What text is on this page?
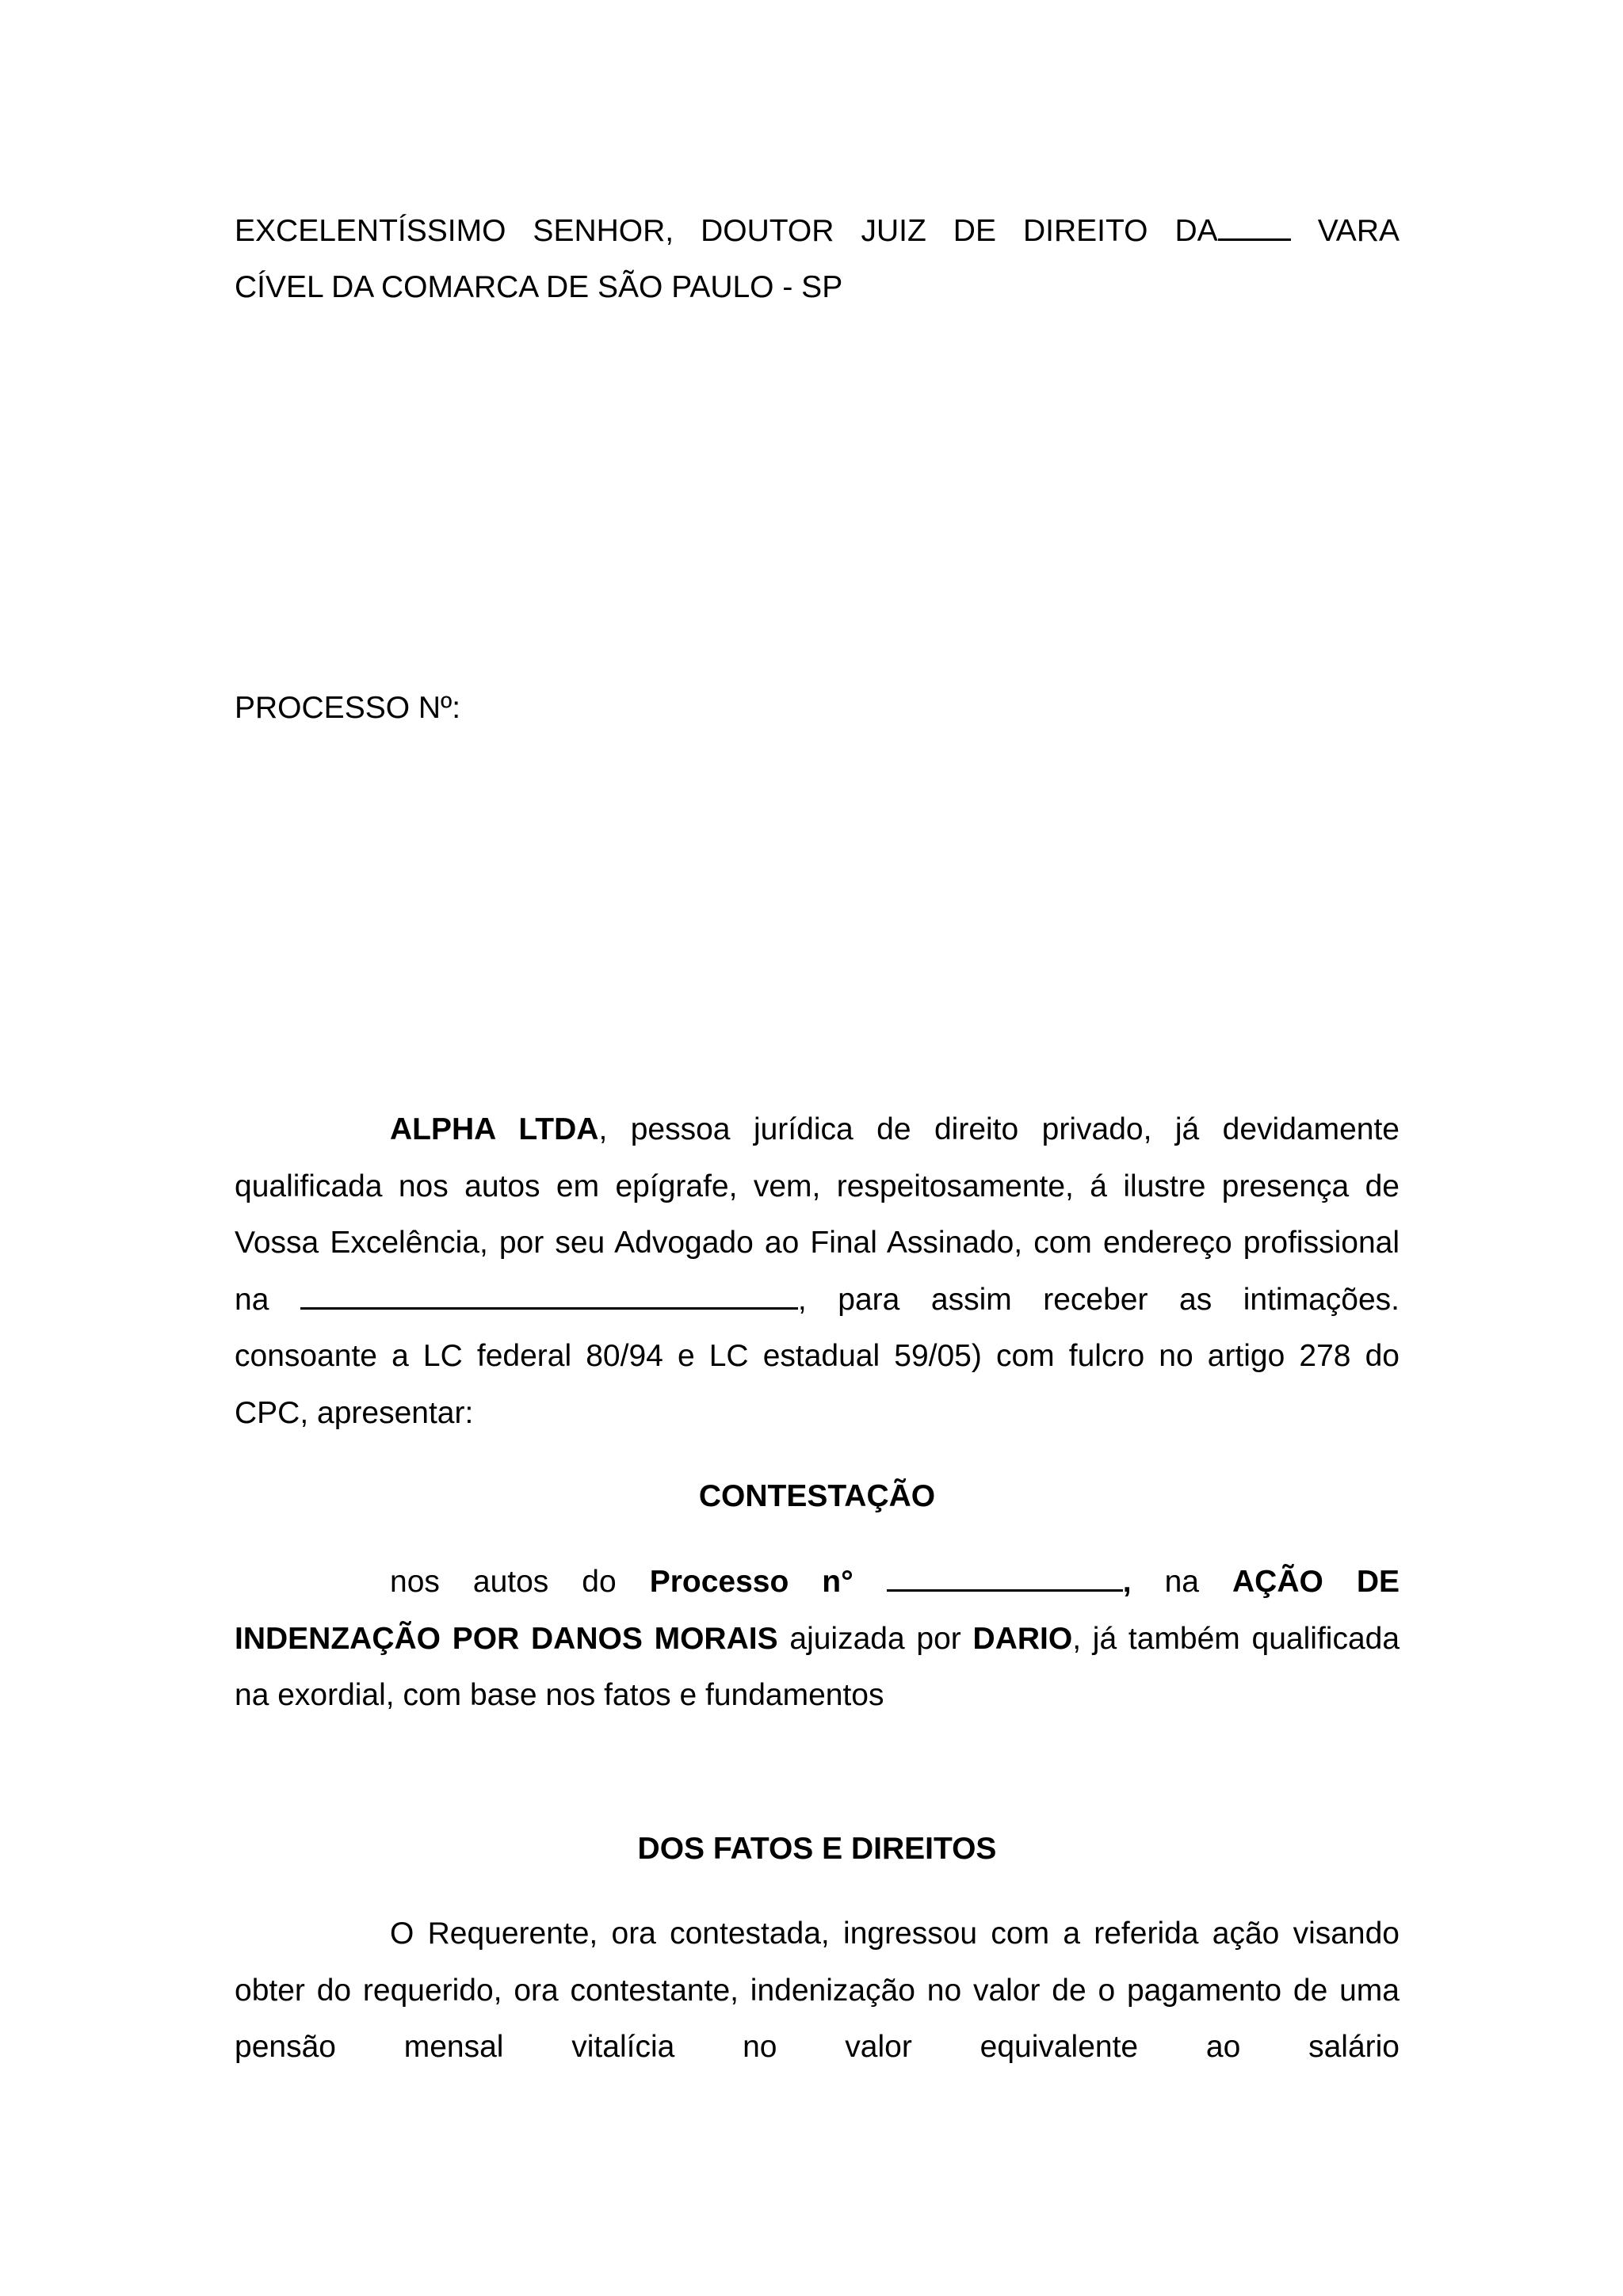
EXCELENTÍSSIMO SENHOR, DOUTOR JUIZ DE DIREITO DA	VARA

CÍVEL DA COMARCA DE SÃO PAULO - SP

PROCESSO Nº:

ALPHA LTDA, pessoa jurídica de direito privado, já devidamente qualificada nos autos em epígrafe, vem, respeitosamente, á ilustre presença de Vossa Excelência, por seu Advogado ao Final Assinado, com endereço profissional na	, para assim receber as intimações. consoante a LC federal 80/94 e LC estadual 59/05) com fulcro no artigo 278 do CPC, apresentar:

CONTESTAÇÃO

nos autos do Processo n°	, na AÇÃO DE INDENZAÇÃO POR DANOS MORAIS ajuizada por DARIO, já também qualificada na exordial, com base nos fatos e fundamentos

DOS FATOS E DIREITOS

O Requerente, ora contestada, ingressou com a referida ação visando obter do requerido, ora contestante, indenização no valor de o pagamento de uma pensão mensal vitalícia no valor equivalente ao salário
